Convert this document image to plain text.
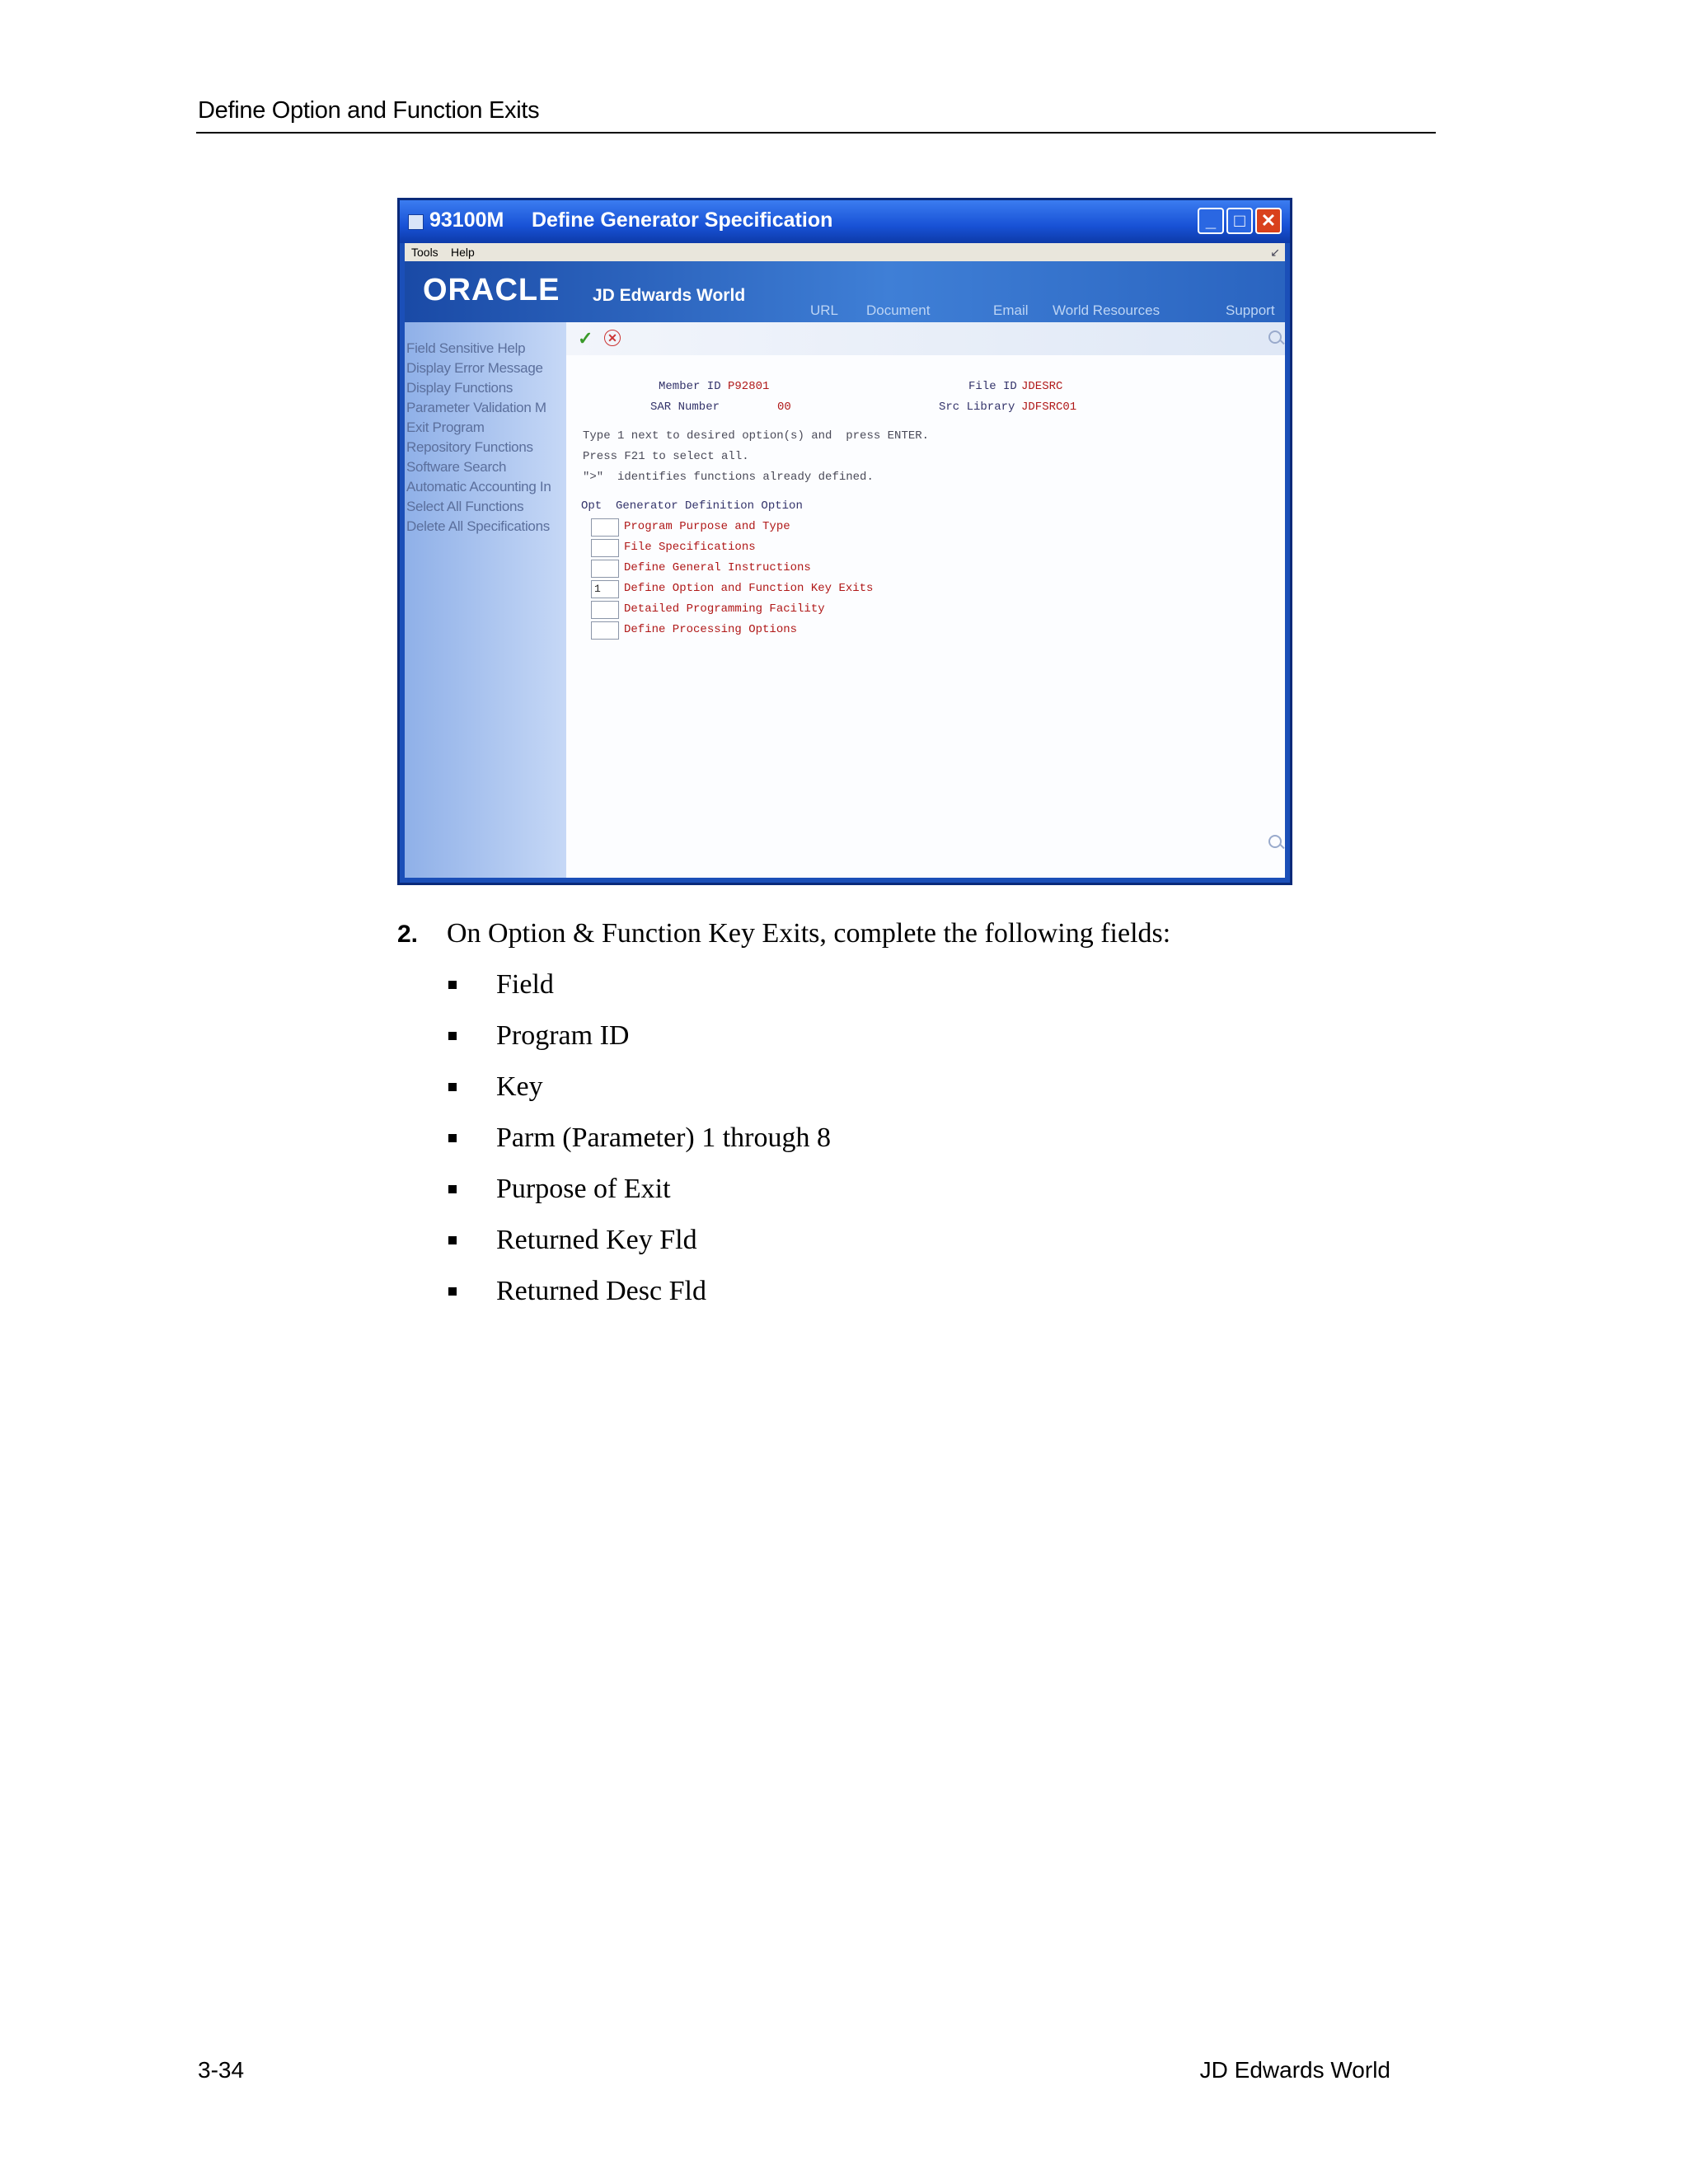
Define Option and Function Exits
93100M Define Generator Specification	_	□ ✕
Tools Help	↙
ORACLE JD Edwards World
URL Document	Email World Resources	Support
Field Sensitive Help
Display Error Message
Display Functions
Parameter Validation M
Exit Program
Repository Functions
Software Search
Automatic Accounting In
Select All Functions
Delete All Specifications
✓ ✕
Member ID P92801	File ID JDESRC
SAR Number	00	Src Library JDFSRC01
Type 1 next to desired option(s) and  press ENTER.
Press F21 to select all.
">"  identifies functions already defined.
Opt  Generator Definition Option
Program Purpose and Type
File Specifications
Define General Instructions
1	Define Option and Function Key Exits
Detailed Programming Facility
Define Processing Options
2. On Option & Function Key Exits, complete the following fields:
Field
Program ID
Key
Parm (Parameter) 1 through 8
Purpose of Exit
Returned Key Fld
Returned Desc Fld
3-34	JD Edwards World
